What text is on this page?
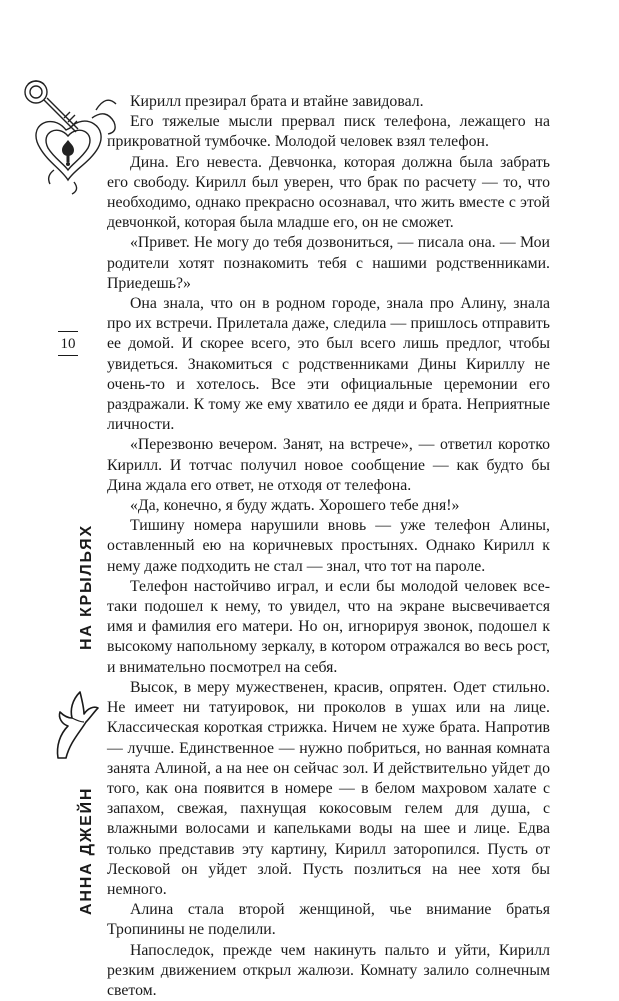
10
НА КРЫЛЬЯХ
АННА ДЖЕЙН

Кирилл презирал брата и втайне завидовал.

Его тяжелые мысли прервал писк телефона, лежащего на прикроватной тумбочке. Молодой человек взял телефон.

Дина. Его невеста. Девчонка, которая должна была забрать его свободу. Кирилл был уверен, что брак по расчету — то, что необходимо, однако прекрасно осознавал, что жить вместе с этой девчонкой, которая была младше его, он не сможет.

«Привет. Не могу до тебя дозвониться, — писала она. — Мои родители хотят познакомить тебя с нашими родственниками. Приедешь?»

Она знала, что он в родном городе, знала про Алину, знала про их встречи. Прилетала даже, следила — пришлось отправить ее домой. И скорее всего, это был всего лишь предлог, чтобы увидеться. Знакомиться с родственниками Дины Кириллу не очень-то и хотелось. Все эти официальные церемонии его раздражали. К тому же ему хватило ее дяди и брата. Неприятные личности.

«Перезвоню вечером. Занят, на встрече», — ответил коротко Кирилл. И тотчас получил новое сообщение — как будто бы Дина ждала его ответ, не отходя от телефона.

«Да, конечно, я буду ждать. Хорошего тебе дня!»

Тишину номера нарушили вновь — уже телефон Алины, оставленный ею на коричневых простынях. Однако Кирилл к нему даже подходить не стал — знал, что тот на пароле.

Телефон настойчиво играл, и если бы молодой человек все-таки подошел к нему, то увидел, что на экране высвечивается имя и фамилия его матери. Но он, игнорируя звонок, подошел к высокому напольному зеркалу, в котором отражался во весь рост, и внимательно посмотрел на себя.

Высок, в меру мужественен, красив, опрятен. Одет стильно. Не имеет ни татуировок, ни проколов в ушах или на лице. Классическая короткая стрижка. Ничем не хуже брата. Напротив — лучше. Единственное — нужно побриться, но ванная комната занята Алиной, а на нее он сейчас зол. И действительно уйдет до того, как она появится в номере — в белом махровом халате с запахом, свежая, пахнущая кокосовым гелем для душа, с влажными волосами и капельками воды на шее и лице. Едва только представив эту картину, Кирилл заторопился. Пусть от Лесковой он уйдет злой. Пусть позлиться на нее хотя бы немного.

Алина стала второй женщиной, чье внимание братья Тропинины не поделили.

Напоследок, прежде чем накинуть пальто и уйти, Кирилл резким движением открыл жалюзи. Комнату залило солнечным светом.
